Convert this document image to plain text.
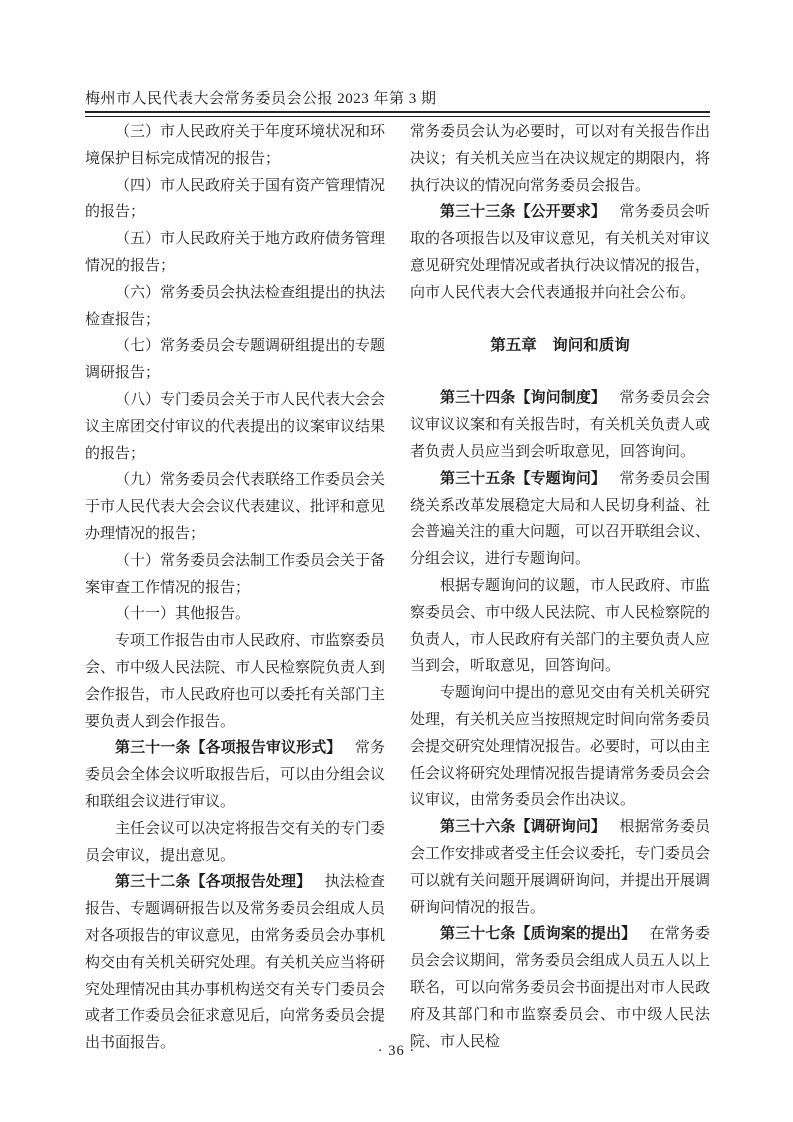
梅州市人民代表大会常务委员会公报 2023 年第 3 期

（三）市人民政府关于年度环境状况和环境保护目标完成情况的报告；

（四）市人民政府关于国有资产管理情况的报告；

（五）市人民政府关于地方政府债务管理情况的报告；

（六）常务委员会执法检查组提出的执法检查报告；

（七）常务委员会专题调研组提出的专题调研报告；

（八）专门委员会关于市人民代表大会会议主席团交付审议的代表提出的议案审议结果的报告；

（九）常务委员会代表联络工作委员会关于市人民代表大会会议代表建议、批评和意见办理情况的报告；

（十）常务委员会法制工作委员会关于备案审查工作情况的报告；

（十一）其他报告。

专项工作报告由市人民政府、市监察委员会、市中级人民法院、市人民检察院负责人到会作报告，市人民政府也可以委托有关部门主要负责人到会作报告。

第三十一条【各项报告审议形式】 常务委员会全体会议听取报告后，可以由分组会议和联组会议进行审议。

主任会议可以决定将报告交有关的专门委员会审议，提出意见。

第三十二条【各项报告处理】 执法检查报告、专题调研报告以及常务委员会组成人员对各项报告的审议意见，由常务委员会办事机构交由有关机关研究处理。有关机关应当将研究处理情况由其办事机构送交有关专门委员会或者工作委员会征求意见后，向常务委员会提出书面报告。

常务委员会认为必要时，可以对有关报告作出决议；有关机关应当在决议规定的期限内，将执行决议的情况向常务委员会报告。

第三十三条【公开要求】 常务委员会听取的各项报告以及审议意见，有关机关对审议意见研究处理情况或者执行决议情况的报告，向市人民代表大会代表通报并向社会公布。

第五章　询问和质询

第三十四条【询问制度】 常务委员会会议审议议案和有关报告时，有关机关负责人或者负责人员应当到会听取意见，回答询问。

第三十五条【专题询问】 常务委员会围绕关系改革发展稳定大局和人民切身利益、社会普遍关注的重大问题，可以召开联组会议、分组会议，进行专题询问。

根据专题询问的议题，市人民政府、市监察委员会、市中级人民法院、市人民检察院的负责人，市人民政府有关部门的主要负责人应当到会，听取意见，回答询问。

专题询问中提出的意见交由有关机关研究处理，有关机关应当按照规定时间向常务委员会提交研究处理情况报告。必要时，可以由主任会议将研究处理情况报告提请常务委员会会议审议，由常务委员会作出决议。

第三十六条【调研询问】 根据常务委员会工作安排或者受主任会议委托，专门委员会可以就有关问题开展调研询问，并提出开展调研询问情况的报告。

第三十七条【质询案的提出】 在常务委员会会议期间，常务委员会组成人员五人以上联名，可以向常务委员会书面提出对市人民政府及其部门和市监察委员会、市中级人民法院、市人民检

· 36 ·
